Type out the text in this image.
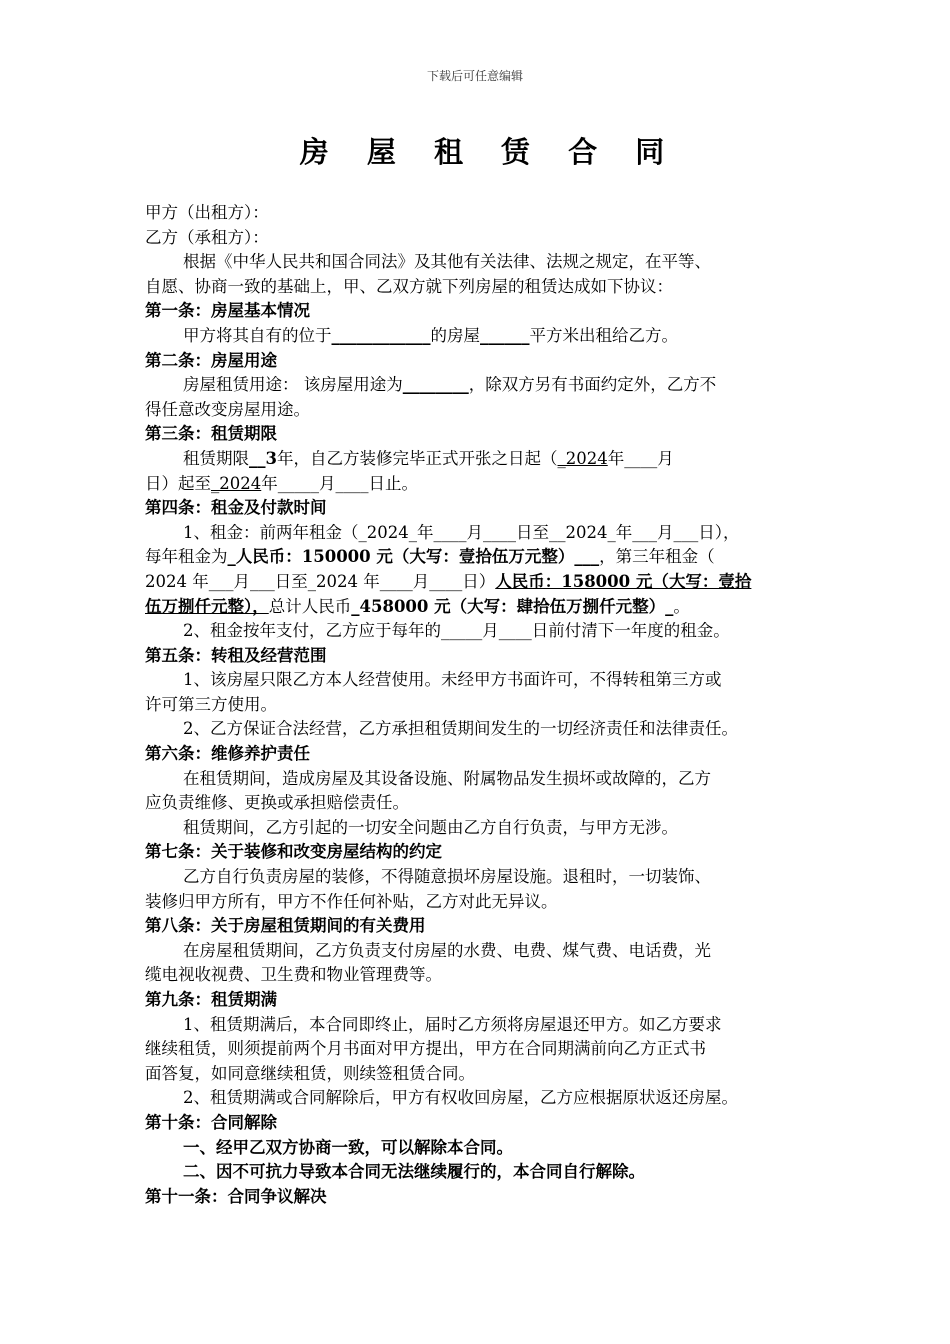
下载后可任意编辑
房 屋 租 赁 合 同
甲方（出租方）：
乙方（承租方）：
根据《中华人民共和国合同法》及其他有关法律、法规之规定，在平等、
自愿、协商一致的基础上，甲、乙双方就下列房屋的租赁达成如下协议：
第一条：房屋基本情况
甲方将其自有的位于____________的房屋______平方米出租给乙方。
第二条：房屋用途
房屋租赁用途： 该房屋用途为________，除双方另有书面约定外，乙方不
得任意改变房屋用途。
第三条：租赁期限
租赁期限__3年，自乙方装修完毕正式开张之日起（_2024年____月
日）起至_2024年_____月____日止。
第四条：租金及付款时间
1、租金：前两年租金（_2024_年____月____日至__2024_年___月___日），
每年租金为_人民币：150000 元（大写：壹拾伍万元整）___，第三年租金（
2024 年___月___日至_2024 年____月____日）人民币：158000 元（大写：壹拾
伍万捌仟元整），总计人民币_458000 元（大写：肆拾伍万捌仟元整）_。
2、租金按年支付，乙方应于每年的_____月____日前付清下一年度的租金。
第五条：转租及经营范围
1、该房屋只限乙方本人经营使用。未经甲方书面许可，不得转租第三方或
许可第三方使用。
2、乙方保证合法经营，乙方承担租赁期间发生的一切经济责任和法律责任。
第六条：维修养护责任
在租赁期间，造成房屋及其设备设施、附属物品发生损坏或故障的，乙方
应负责维修、更换或承担赔偿责任。
租赁期间，乙方引起的一切安全问题由乙方自行负责，与甲方无涉。
第七条：关于装修和改变房屋结构的约定
乙方自行负责房屋的装修，不得随意损坏房屋设施。退租时，一切装饰、
装修归甲方所有，甲方不作任何补贴，乙方对此无异议。
第八条：关于房屋租赁期间的有关费用
在房屋租赁期间，乙方负责支付房屋的水费、电费、煤气费、电话费，光
缆电视收视费、卫生费和物业管理费等。
第九条：租赁期满
1、租赁期满后，本合同即终止，届时乙方须将房屋退还甲方。如乙方要求
继续租赁，则须提前两个月书面对甲方提出，甲方在合同期满前向乙方正式书
面答复，如同意继续租赁，则续签租赁合同。
2、租赁期满或合同解除后，甲方有权收回房屋，乙方应根据原状返还房屋。
第十条：合同解除
一、经甲乙双方协商一致，可以解除本合同。
二、因不可抗力导致本合同无法继续履行的，本合同自行解除。
第十一条：合同争议解决
